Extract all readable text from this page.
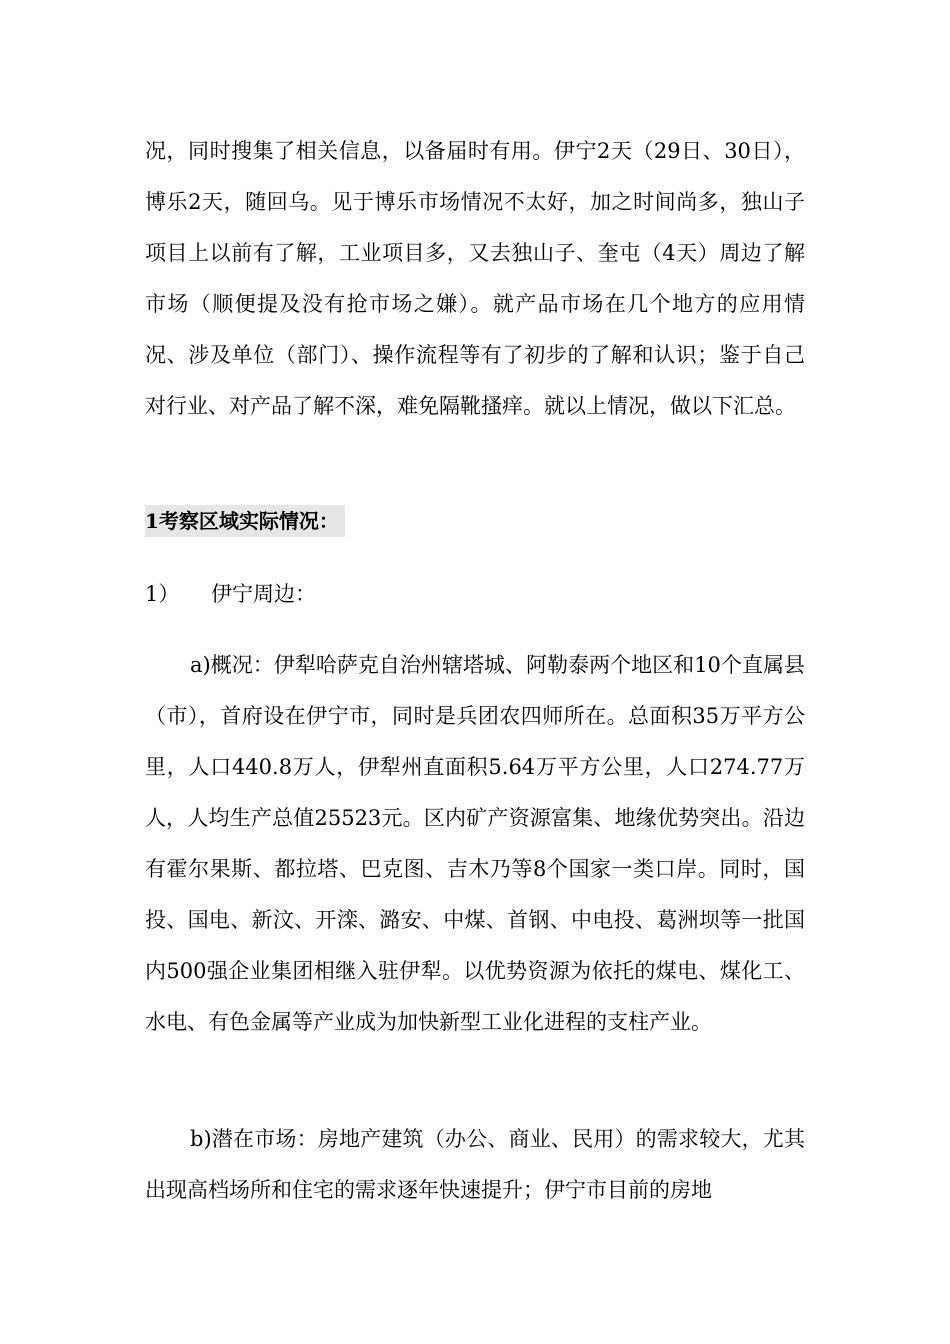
况，同时搜集了相关信息，以备届时有用。伊宁2天（29日、30日），博乐2天，随回乌。见于博乐市场情况不太好，加之时间尚多，独山子项目上以前有了解，工业项目多，又去独山子、奎屯（4天）周边了解市场（顺便提及没有抢市场之嫌）。就产品市场在几个地方的应用情况、涉及单位（部门）、操作流程等有了初步的了解和认识；鉴于自己对行业、对产品了解不深，难免隔靴搔痒。就以上情况，做以下汇总。

1考察区域实际情况：

1） 伊宁周边：

a)概况：伊犁哈萨克自治州辖塔城、阿勒泰两个地区和10个直属县（市），首府设在伊宁市，同时是兵团农四师所在。总面积35万平方公里，人口440.8万人，伊犁州直面积5.64万平方公里，人口274.77万人，人均生产总值25523元。区内矿产资源富集、地缘优势突出。沿边有霍尔果斯、都拉塔、巴克图、吉木乃等8个国家一类口岸。同时，国投、国电、新汶、开滦、潞安、中煤、首钢、中电投、葛洲坝等一批国内500强企业集团相继入驻伊犁。以优势资源为依托的煤电、煤化工、水电、有色金属等产业成为加快新型工业化进程的支柱产业。

b)潜在市场：房地产建筑（办公、商业、民用）的需求较大，尤其出现高档场所和住宅的需求逐年快速提升；伊宁市目前的房地
